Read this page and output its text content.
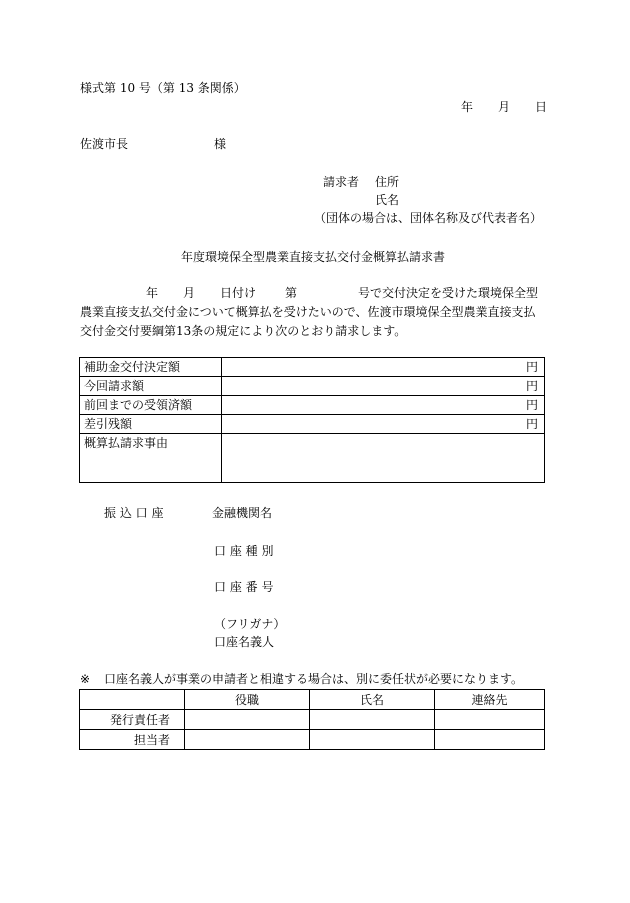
様式第 10 号（第 13 条関係）
年 月 日
佐渡市長	様
請求者 住所
氏名
（団体の場合は、団体名称及び代表者名）
年度環境保全型農業直接支払交付金概算払請求書
年 月 日付け 第	号で交付決定を受けた環境保全型
農業直接支払交付金について概算払を受けたいので、佐渡市環境保全型農業直接支払
交付金交付要綱第13条の規定により次のとおり請求します。
補助金交付決定額	円
今回請求額	円
前回までの受領済額	円
差引残額	円
概算払請求事由	
振 込 口 座	金融機関名
口 座 種 別
口 座 番 号
（フリガナ）
口座名義人
※ 口座名義人が事業の申請者と相違する場合は、別に委任状が必要になります。
	役職	氏名	連絡先
発行責任者			
担当者			
